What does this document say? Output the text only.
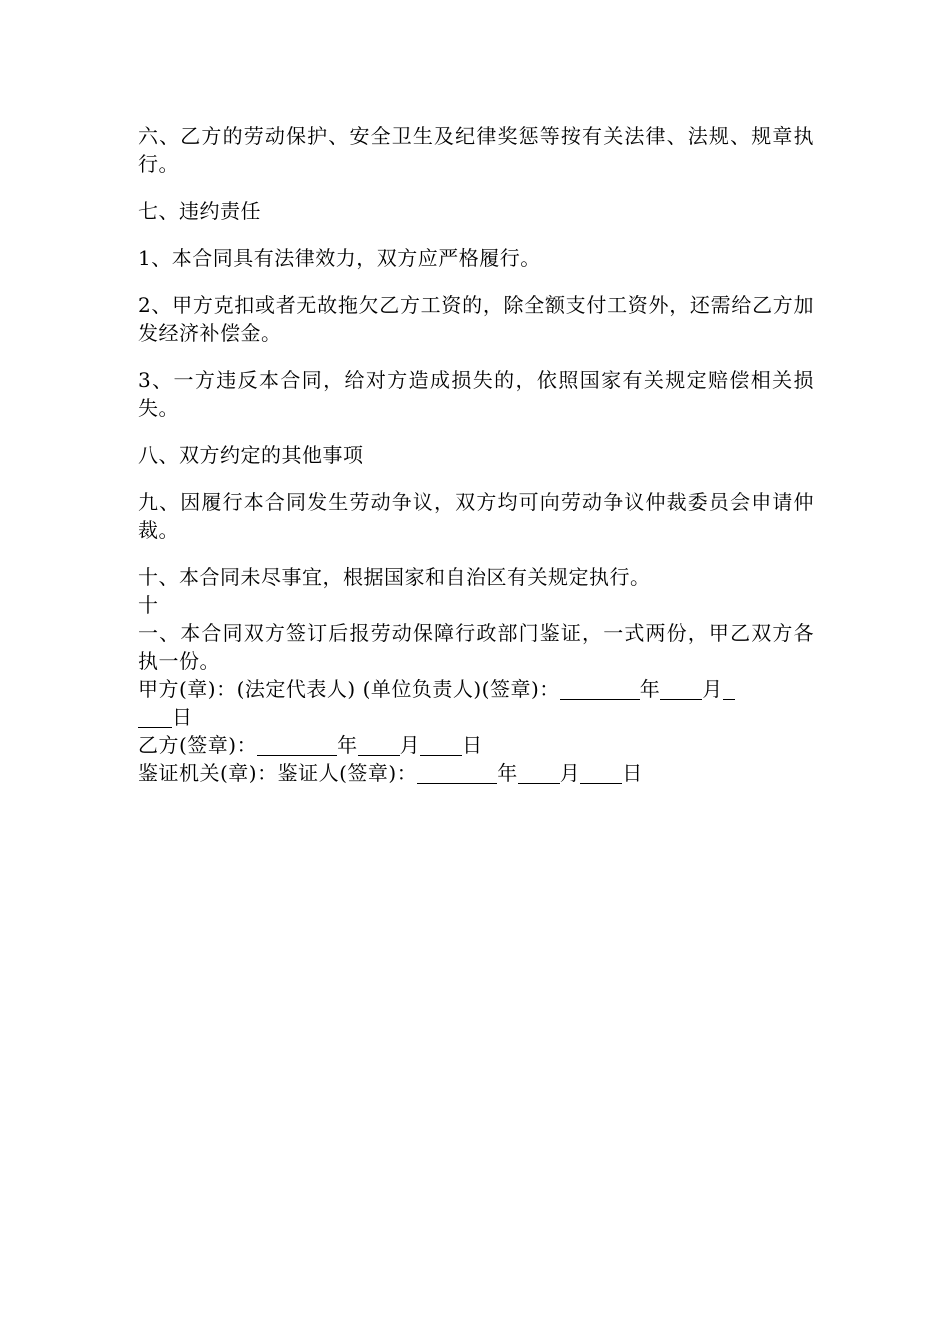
六、乙方的劳动保护、安全卫生及纪律奖惩等按有关法律、法规、规章执行。

七、违约责任

1、本合同具有法律效力，双方应严格履行。

2、甲方克扣或者无故拖欠乙方工资的，除全额支付工资外，还需给乙方加发经济补偿金。

3、一方违反本合同，给对方造成损失的，依照国家有关规定赔偿相关损失。

八、双方约定的其他事项

九、因履行本合同发生劳动争议，双方均可向劳动争议仲裁委员会申请仲裁。

十、本合同未尽事宜，根据国家和自治区有关规定执行。

十

一、本合同双方签订后报劳动保障行政部门鉴证，一式两份，甲乙双方各执一份。

甲方(章)：(法定代表人) (单位负责人)(签章)：	年 月

日

乙方(签章)：	年 月 日

鉴证机关(章)：鉴证人(签章)：	年 月 日
